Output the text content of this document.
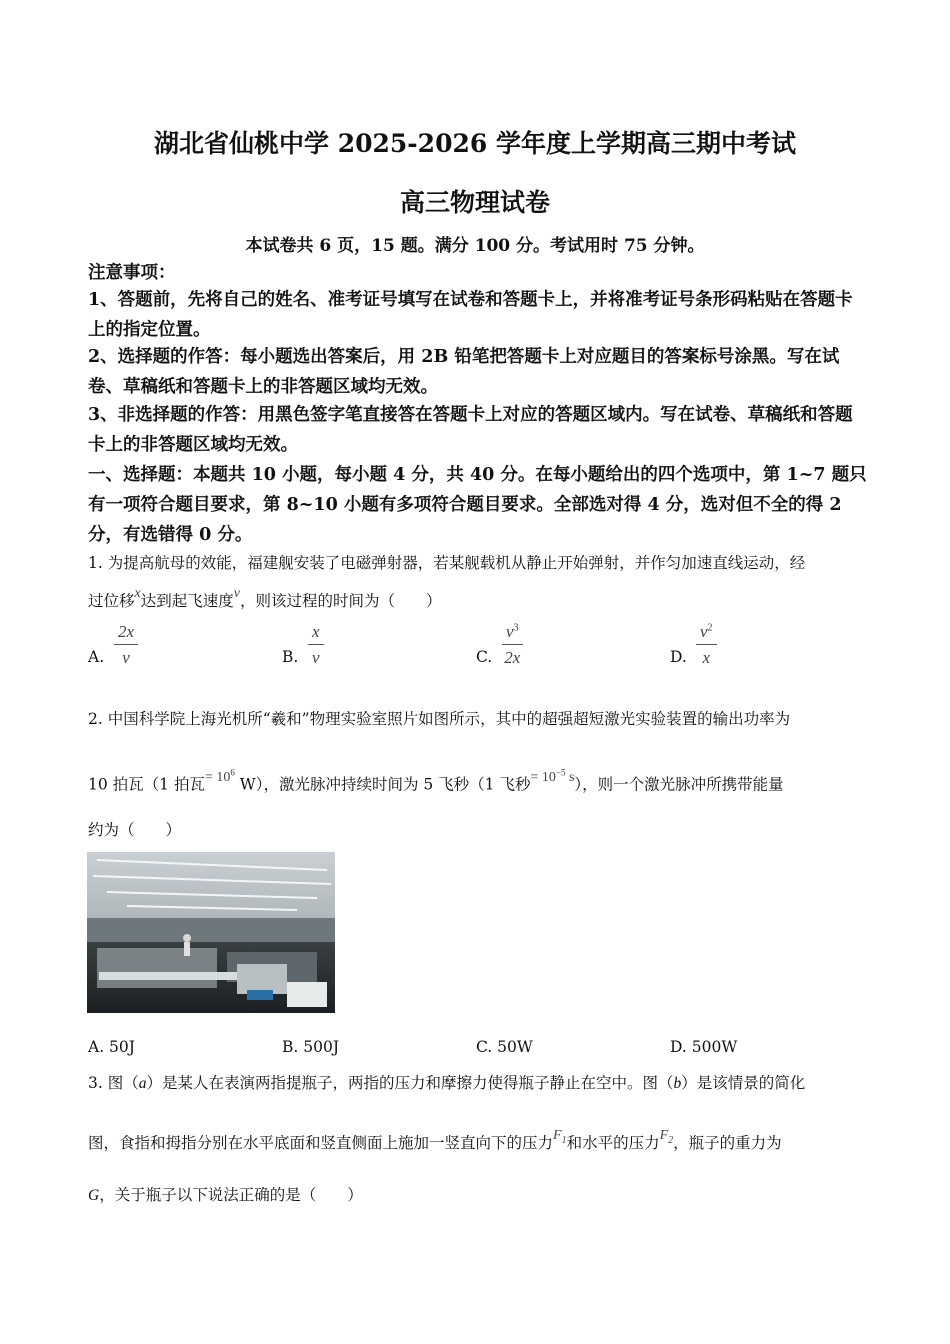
湖北省仙桃中学 2025-2026 学年度上学期高三期中考试
高三物理试卷
本试卷共 6 页，15 题。满分 100 分。考试用时 75 分钟。
注意事项：
1、答题前，先将自己的姓名、准考证号填写在试卷和答题卡上，并将准考证号条形码粘贴在答题卡上的指定位置。
2、选择题的作答：每小题选出答案后，用 2B 铅笔把答题卡上对应题目的答案标号涂黑。写在试卷、草稿纸和答题卡上的非答题区域均无效。
3、非选择题的作答：用黑色签字笔直接答在答题卡上对应的答题区域内。写在试卷、草稿纸和答题卡上的非答题区域均无效。
一、选择题：本题共 10 小题，每小题 4 分，共 40 分。在每小题给出的四个选项中，第 1~7 题只有一项符合题目要求，第 8~10 小题有多项符合题目要求。全部选对得 4 分，选对但不全的得 2 分，有选错得 0 分。
1. 为提高航母的效能，福建舰安装了电磁弹射器，若某舰载机从静止开始弹射，并作匀加速直线运动，经
过位移x达到起飞速度v，则该过程的时间为（　　）
A. $\frac{2x}{v}$	B. $\frac{x}{v}$	C. $\frac{v^3}{2x}$	D. $\frac{v^2}{x}$
2. 中国科学院上海光机所“羲和”物理实验室照片如图所示，其中的超强超短激光实验装置的输出功率为
10 拍瓦（1 拍瓦= $10^6$ W），激光脉冲持续时间为 5 飞秒（1 飞秒= $10^{-5}$ s），则一个激光脉冲所携带能量
约为（　　）
A. 50J	B. 500J	C. 50W	D. 500W
3. 图（a）是某人在表演两指提瓶子，两指的压力和摩擦力使得瓶子静止在空中。图（b）是该情景的简化
图，食指和拇指分别在水平底面和竖直侧面上施加一竖直向下的压力$F_1$和水平的压力$F_2$，瓶子的重力为
G，关于瓶子以下说法正确的是（　　）
